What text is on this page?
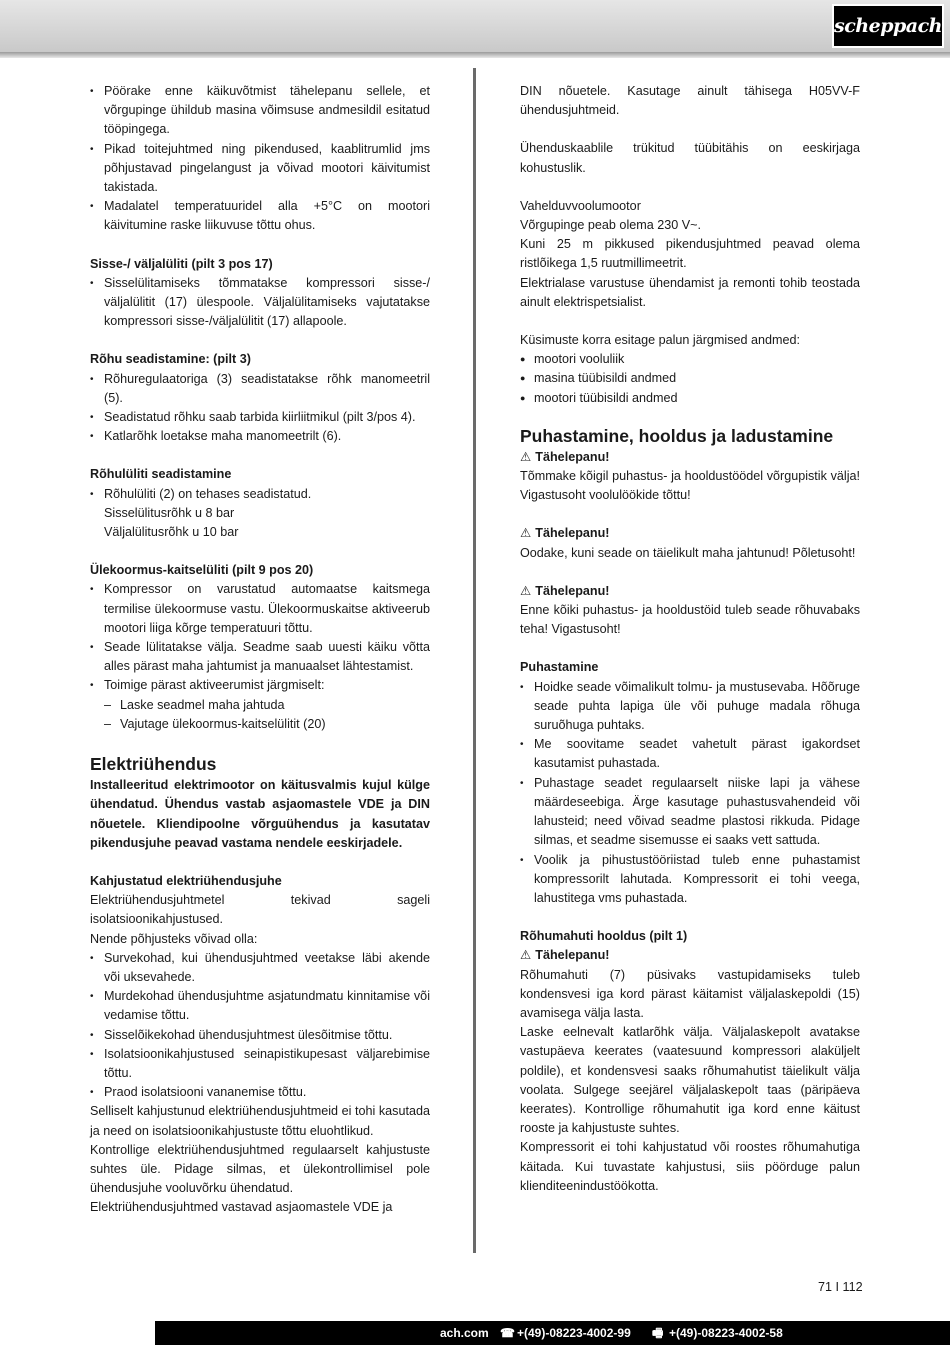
scheppach
• Pöörake enne käikuvõtmist tähelepanu sellele, et võrgupinge ühildub masina võimsuse andmesildil esitatud tööpingega.
• Pikad toitejuhtmed ning pikendused, kaablitrumlid jms põhjustavad pingelangust ja võivad mootori käivitumist takistada.
• Madalatel temperatuuridel alla +5°C on mootori käivitumine raske liikuvuse tõttu ohus.

Sisse-/ väljalüliti (pilt 3 pos 17)

• Sisselülitamiseks tõmmatakse kompressori sisse-/ väljalülitit (17) ülespoole. Väljalülitamiseks vajutatakse kompressori sisse-/väljalülitit (17) allapoole.

Rõhu seadistamine: (pilt 3)

• Rõhuregulaatoriga (3) seadistatakse rõhk manomeetril (5).
• Seadistatud rõhku saab tarbida kiirliitmikul (pilt 3/pos 4).
• Katlarõhk loetakse maha manomeetrilt (6).

Rõhulüliti seadistamine

• Rõhulüliti (2) on tehases seadistatud.

Sisselülitusrõhk u 8 bar

Väljalülitusrõhk u 10 bar

Ülekoormus-kaitselüliti (pilt 9 pos 20)

• Kompressor on varustatud automaatse kaitsmega termilise ülekoormuse vastu. Ülekoormuskaitse aktiveerub mootori liiga kõrge temperatuuri tõttu.
• Seade lülitatakse välja. Seadme saab uuesti käiku võtta alles pärast maha jahtumist ja manuaalset lähtestamist.
• Toimige pärast aktiveerumist järgmiselt:
– Laske seadmel maha jahtuda
– Vajutage ülekoormus-kaitselülitit (20)

Elektriühendus

Installeeritud elektrimootor on käitusvalmis kujul külge ühendatud. Ühendus vastab asjaomastele VDE ja DIN nõuetele. Kliendipoolne võrguühendus ja kasutatav pikendusjuhe peavad vastama nendele eeskirjadele.

Kahjustatud elektriühendusjuhe

Elektriühendusjuhtmetel tekivad sageli isolatsioonikahjustused.

Nende põhjusteks võivad olla:

• Survekohad, kui ühendusjuhtmed veetakse läbi akende või uksevahede.
• Murdekohad ühendusjuhtme asjatundmatu kinnitamise või vedamise tõttu.
• Sisselõikekohad ühendusjuhtmest ülesõitmise tõttu.
• Isolatsioonikahjustused seinapistikupesast väljarebimise tõttu.
• Praod isolatsiooni vananemise tõttu.

Selliselt kahjustunud elektriühendusjuhtmeid ei tohi kasutada ja need on isolatsioonikahjustuste tõttu eluohtlikud.

Kontrollige elektriühendusjuhtmed regulaarselt kahjustuste suhtes üle. Pidage silmas, et ülekontrollimisel pole ühendusjuhe vooluvõrku ühendatud.

Elektriühendusjuhtmed vastavad asjaomastele VDE ja

DIN nõuetele. Kasutage ainult tähisega H05VV-F ühendusjuhtmeid.

Ühenduskaablile trükitud tüübitähis on eeskirjaga kohustuslik.

Vahelduvvoolumootor

Võrgupinge peab olema 230 V~.

Kuni 25 m pikkused pikendusjuhtmed peavad olema ristlõikega 1,5 ruutmillimeetrit.

Elektrialase varustuse ühendamist ja remonti tohib teostada ainult elektrispetsialist.

Küsimuste korra esitage palun järgmised andmed:

● mootori vooluliik
● masina tüübisildi andmed
● mootori tüübisildi andmed

Puhastamine, hooldus ja ladustamine

⚠ Tähelepanu!

Tõmmake kõigil puhastus- ja hooldustöödel võrgupistik välja! Vigastusoht voolulöökide tõttu!

⚠ Tähelepanu!

Oodake, kuni seade on täielikult maha jahtunud! Põletusoht!

⚠ Tähelepanu!

Enne kõiki puhastus- ja hooldustöid tuleb seade rõhuvabaks teha! Vigastusoht!

Puhastamine

• Hoidke seade võimalikult tolmu- ja mustusevaba. Hõõruge seade puhta lapiga üle või puhuge madala rõhuga suruõhuga puhtaks.
• Me soovitame seadet vahetult pärast igakordset kasutamist puhastada.
• Puhastage seadet regulaarselt niiske lapi ja vähese määrdeseebiga. Ärge kasutage puhastusvahendeid või lahusteid; need võivad seadme plastosi rikkuda. Pidage silmas, et seadme sisemusse ei saaks vett sattuda.
• Voolik ja pihustustööriistad tuleb enne puhastamist kompressorilt lahutada. Kompressorit ei tohi veega, lahustitega vms puhastada.

Rõhumahuti hooldus (pilt 1)

⚠ Tähelepanu!

Rõhumahuti (7) püsivaks vastupidamiseks tuleb kondensvesi iga kord pärast käitamist väljalaskepoldi (15) avamisega välja lasta.

Laske eelnevalt katlarõhk välja. Väljalaskepolt avatakse vastupäeva keerates (vaatesuund kompressori alaküljelt poldile), et kondensvesi saaks rõhumahutist täielikult välja voolata. Sulgege seejärel väljalaskepolt taas (päripäeva keerates). Kontrollige rõhumahutit iga kord enne käitust rooste ja kahjustuste suhtes.

Kompressorit ei tohi kahjustatud või roostes rõhumahutiga käitada. Kui tuvastate kahjustusi, siis pöörduge palun klienditeenindustöökotta.

71 I 112
ach.com ☎ +(49)-08223-4002-99 🖷 +(49)-08223-4002-58
